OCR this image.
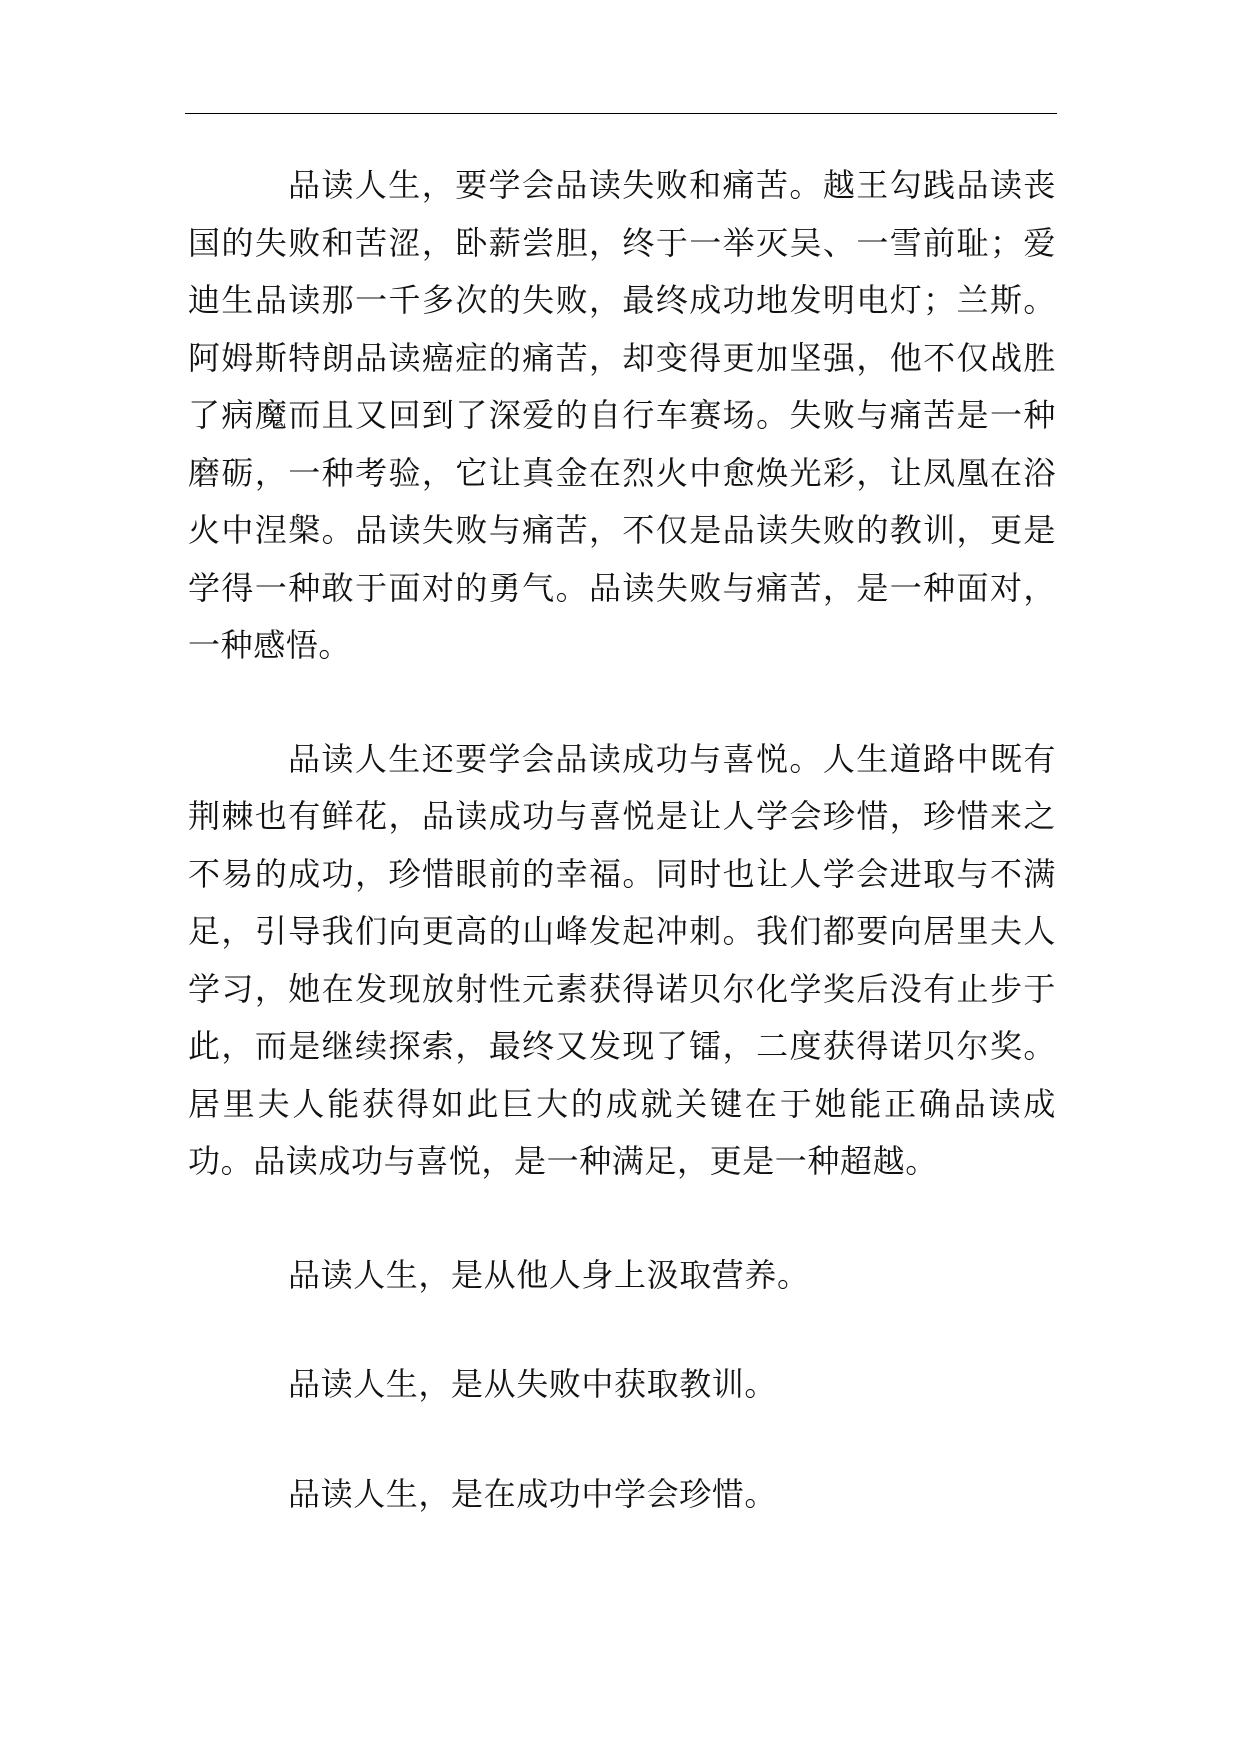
品读人生，要学会品读失败和痛苦。越王勾践品读丧国的失败和苦涩，卧薪尝胆，终于一举灭吴、一雪前耻；爱迪生品读那一千多次的失败，最终成功地发明电灯；兰斯。阿姆斯特朗品读癌症的痛苦，却变得更加坚强，他不仅战胜了病魔而且又回到了深爱的自行车赛场。失败与痛苦是一种磨砺，一种考验，它让真金在烈火中愈焕光彩，让凤凰在浴火中涅槃。品读失败与痛苦，不仅是品读失败的教训，更是学得一种敢于面对的勇气。品读失败与痛苦，是一种面对，一种感悟。

品读人生还要学会品读成功与喜悦。人生道路中既有荆棘也有鲜花，品读成功与喜悦是让人学会珍惜，珍惜来之不易的成功，珍惜眼前的幸福。同时也让人学会进取与不满足，引导我们向更高的山峰发起冲刺。我们都要向居里夫人学习，她在发现放射性元素获得诺贝尔化学奖后没有止步于此，而是继续探索，最终又发现了镭，二度获得诺贝尔奖。居里夫人能获得如此巨大的成就关键在于她能正确品读成功。品读成功与喜悦，是一种满足，更是一种超越。

品读人生，是从他人身上汲取营养。

品读人生，是从失败中获取教训。

品读人生，是在成功中学会珍惜。
